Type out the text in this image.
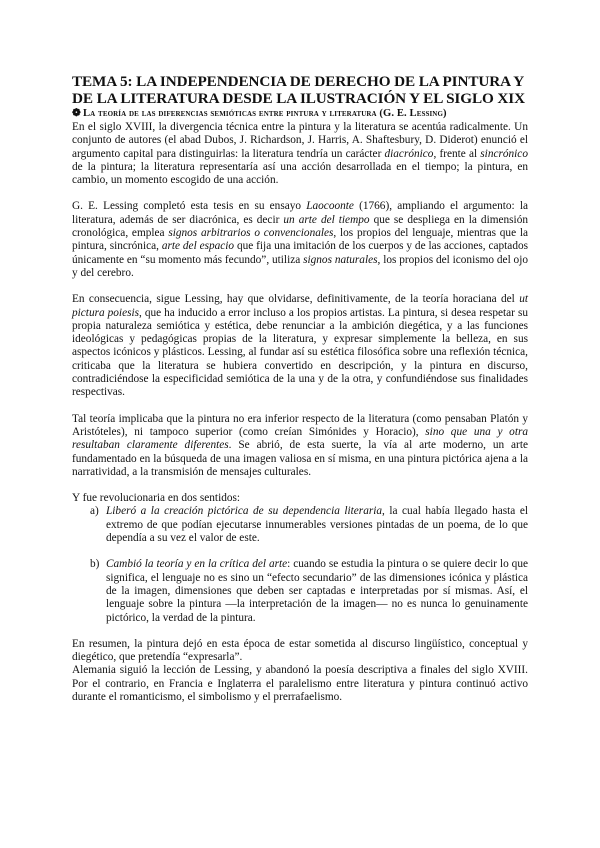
TEMA 5: LA INDEPENDENCIA DE DERECHO DE LA PINTURA Y DE LA LITERATURA DESDE LA ILUSTRACIÓN Y EL SIGLO XIX
❁ La teoría de las diferencias semióticas entre pintura y literatura (G. E. Lessing)

En el siglo XVIII, la divergencia técnica entre la pintura y la literatura se acentúa radicalmente. Un conjunto de autores (el abad Dubos, J. Richardson, J. Harris, A. Shaftesbury, D. Diderot) enunció el argumento capital para distinguirlas: la literatura tendría un carácter diacrónico, frente al sincrónico de la pintura; la literatura representaría así una acción desarrollada en el tiempo; la pintura, en cambio, un momento escogido de una acción.

G. E. Lessing completó esta tesis en su ensayo Laocoonte (1766), ampliando el argumento: la literatura, además de ser diacrónica, es decir un arte del tiempo que se despliega en la dimensión cronológica, emplea signos arbitrarios o convencionales, los propios del lenguaje, mientras que la pintura, sincrónica, arte del espacio que fija una imitación de los cuerpos y de las acciones, captados únicamente en “su momento más fecundo”, utiliza signos naturales, los propios del iconismo del ojo y del cerebro.

En consecuencia, sigue Lessing, hay que olvidarse, definitivamente, de la teoría horaciana del ut pictura poiesis, que ha inducido a error incluso a los propios artistas. La pintura, si desea respetar su propia naturaleza semiótica y estética, debe renunciar a la ambición diegética, y a las funciones ideológicas y pedagógicas propias de la literatura, y expresar simplemente la belleza, en sus aspectos icónicos y plásticos. Lessing, al fundar así su estética filosófica sobre una reflexión técnica, criticaba que la literatura se hubiera convertido en descripción, y la pintura en discurso, contradiciéndose la especificidad semiótica de la una y de la otra, y confundiéndose sus finalidades respectivas.

Tal teoría implicaba que la pintura no era inferior respecto de la literatura (como pensaban Platón y Aristóteles), ni tampoco superior (como creían Simónides y Horacio), sino que una y otra resultaban claramente diferentes. Se abrió, de esta suerte, la vía al arte moderno, un arte fundamentado en la búsqueda de una imagen valiosa en sí misma, en una pintura pictórica ajena a la narratividad, a la transmisión de mensajes culturales.

Y fue revolucionaria en dos sentidos:

a) Liberó a la creación pictórica de su dependencia literaria, la cual había llegado hasta el extremo de que podían ejecutarse innumerables versiones pintadas de un poema, de lo que dependía a su vez el valor de este.
b) Cambió la teoría y en la crítica del arte: cuando se estudia la pintura o se quiere decir lo que significa, el lenguaje no es sino un “efecto secundario” de las dimensiones icónica y plástica de la imagen, dimensiones que deben ser captadas e interpretadas por sí mismas. Así, el lenguaje sobre la pintura —la interpretación de la imagen— no es nunca lo genuinamente pictórico, la verdad de la pintura.

En resumen, la pintura dejó en esta época de estar sometida al discurso lingüístico, conceptual y diegético, que pretendía “expresarla”.

Alemania siguió la lección de Lessing, y abandonó la poesía descriptiva a finales del siglo XVIII. Por el contrario, en Francia e Inglaterra el paralelismo entre literatura y pintura continuó activo durante el romanticismo, el simbolismo y el prerrafaelismo.
